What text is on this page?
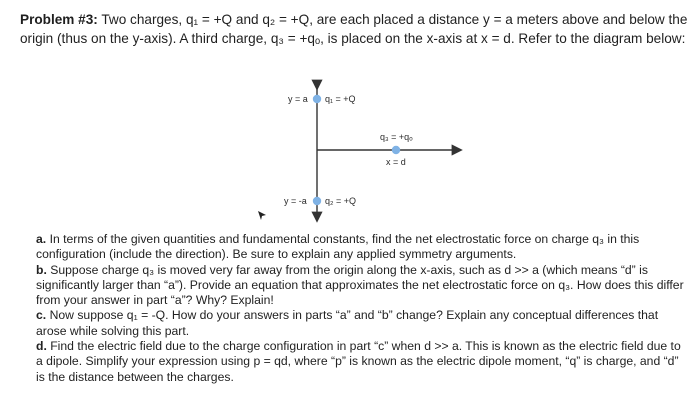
Problem #3: Two charges, q₁ = +Q and q₂ = +Q, are each placed a distance y = a meters above and below the origin (thus on the y-axis). A third charge, q₃ = +qₒ, is placed on the x-axis at x = d. Refer to the diagram below:
y = a q₁ = +Q
y = -a q₂ = +Q
q₃ = +qₒ
x = d

a. In terms of the given quantities and fundamental constants, find the net electrostatic force on charge q₃ in this configuration (include the direction). Be sure to explain any applied symmetry arguments.

b. Suppose charge q₃ is moved very far away from the origin along the x-axis, such as d >> a (which means “d” is significantly larger than “a”). Provide an equation that approximates the net electrostatic force on q₃. How does this differ from your answer in part “a”? Why? Explain!

c. Now suppose q₁ = -Q. How do your answers in parts “a” and “b” change? Explain any conceptual differences that arose while solving this part.

d. Find the electric field due to the charge configuration in part “c” when d >> a. This is known as the electric field due to a dipole. Simplify your expression using p = qd, where “p” is known as the electric dipole moment, “q” is charge, and “d” is the distance between the charges.
